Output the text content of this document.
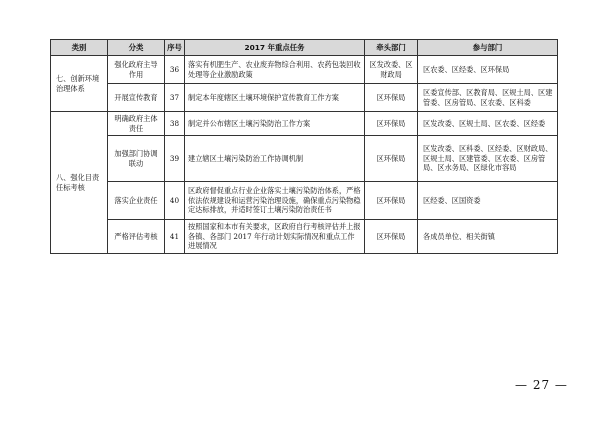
类别	分类	序号	2017 年重点任务	牵头部门	参与部门
七、创新环境治理体系	强化政府主导作用	36	落实有机肥生产、农业废弃物综合利用、农药包装回收处理等企业激励政策	区发改委、区财政局	区农委、区经委、区环保局
	开展宣传教育	37	制定本年度辖区土壤环境保护宣传教育工作方案	区环保局	区委宣传部、区教育局、区规土局、区建管委、区房管局、区农委、区科委
八、强化目责任标考核	明确政府主体责任	38	制定并公布辖区土壤污染防治工作方案	区环保局	区发改委、区规土局、区农委、区经委
	加强部门协调联动	39	建立辖区土壤污染防治工作协调机制	区环保局	区发改委、区科委、区经委、区财政局、区规土局、区建管委、区农委、区房管局、区水务局、区绿化市容局
	落实企业责任	40	区政府督促重点行业企业落实土壤污染防治体系，严格依法依规建设和运营污染治理设施，确保重点污染物稳定达标排放，并适时签订土壤污染防治责任书	区环保局	区经委、区国资委
	严格评估考核	41	按照国家和本市有关要求，区政府自行考核评估并上报各镇、各部门 2017 年行动计划实际情况和重点工作进展情况	区环保局	各成员单位、相关街镇
— 27 —
